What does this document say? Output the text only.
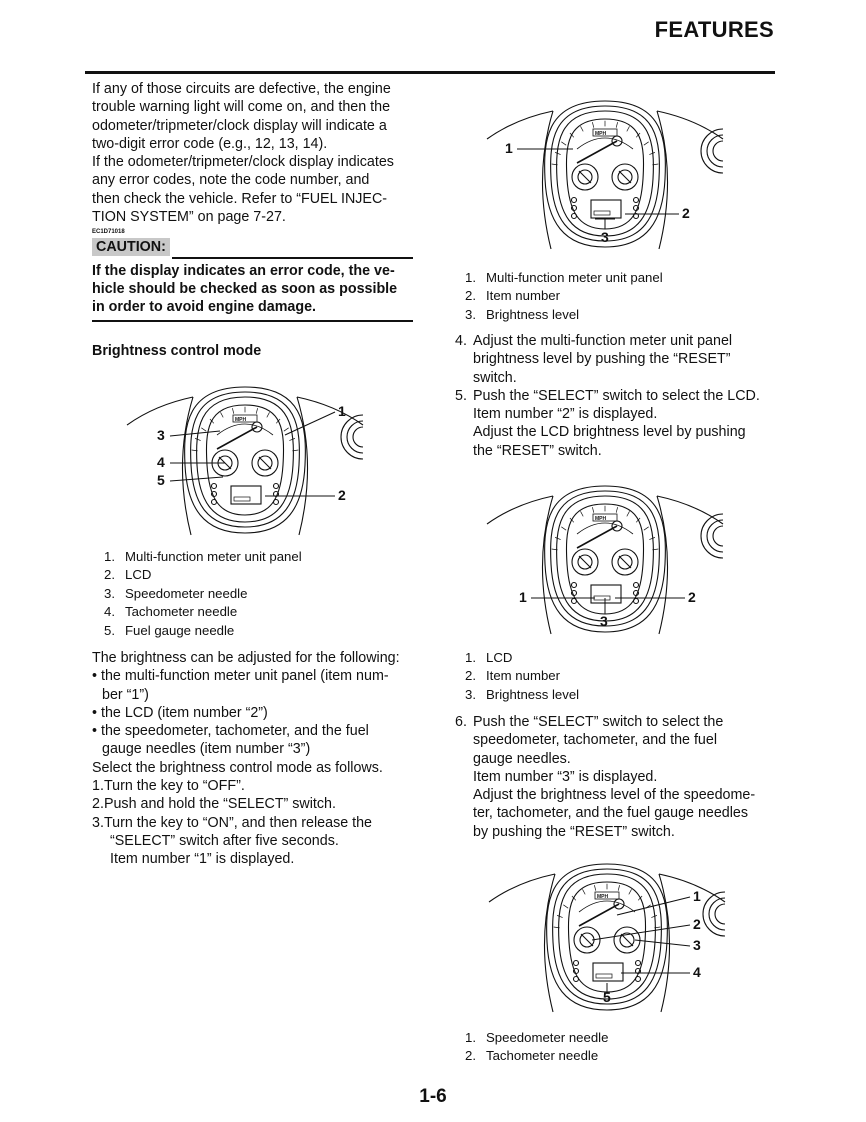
FEATURES
If any of those circuits are defective, the engine
trouble warning light will come on, and then the
odometer/tripmeter/clock display will indicate a
two-digit error code (e.g., 12, 13, 14).
If the odometer/tripmeter/clock display indicates
any error codes, note the code number, and
then check the vehicle. Refer to “FUEL INJEC-
TION SYSTEM” on page 7-27.
EC1D71018
CAUTION:
If the display indicates an error code, the ve-
hicle should be checked as soon as possible
in order to avoid engine damage.
Brightness control mode
MPH
3
4
5
1
2
1. Multi-function meter unit panel
2. LCD
3. Speedometer needle
4. Tachometer needle
5. Fuel gauge needle
The brightness can be adjusted for the following:
• the multi-function meter unit panel (item num-
ber “1”)
• the LCD (item number “2”)
• the speedometer, tachometer, and the fuel
gauge needles (item number “3”)
Select the brightness control mode as follows.
1.Turn the key to “OFF”.
2.Push and hold the “SELECT” switch.
3.Turn the key to “ON”, and then release the
“SELECT” switch after five seconds.
Item number “1” is displayed.
MPH
1
2
3
1. Multi-function meter unit panel
2. Item number
3. Brightness level
4. Adjust the multi-function meter unit panel
brightness level by pushing the “RESET”
switch.
5. Push the “SELECT” switch to select the LCD.
Item number “2” is displayed.
Adjust the LCD brightness level by pushing
the “RESET” switch.
MPH
1	2
3
1. LCD
2. Item number
3. Brightness level
6. Push the “SELECT” switch to select the
speedometer, tachometer, and the fuel
gauge needles.
Item number “3” is displayed.
Adjust the brightness level of the speedome-
ter, tachometer, and the fuel gauge needles
by pushing the “RESET” switch.
MPH	1
2
3
4
5
1. Speedometer needle
2. Tachometer needle
1-6
